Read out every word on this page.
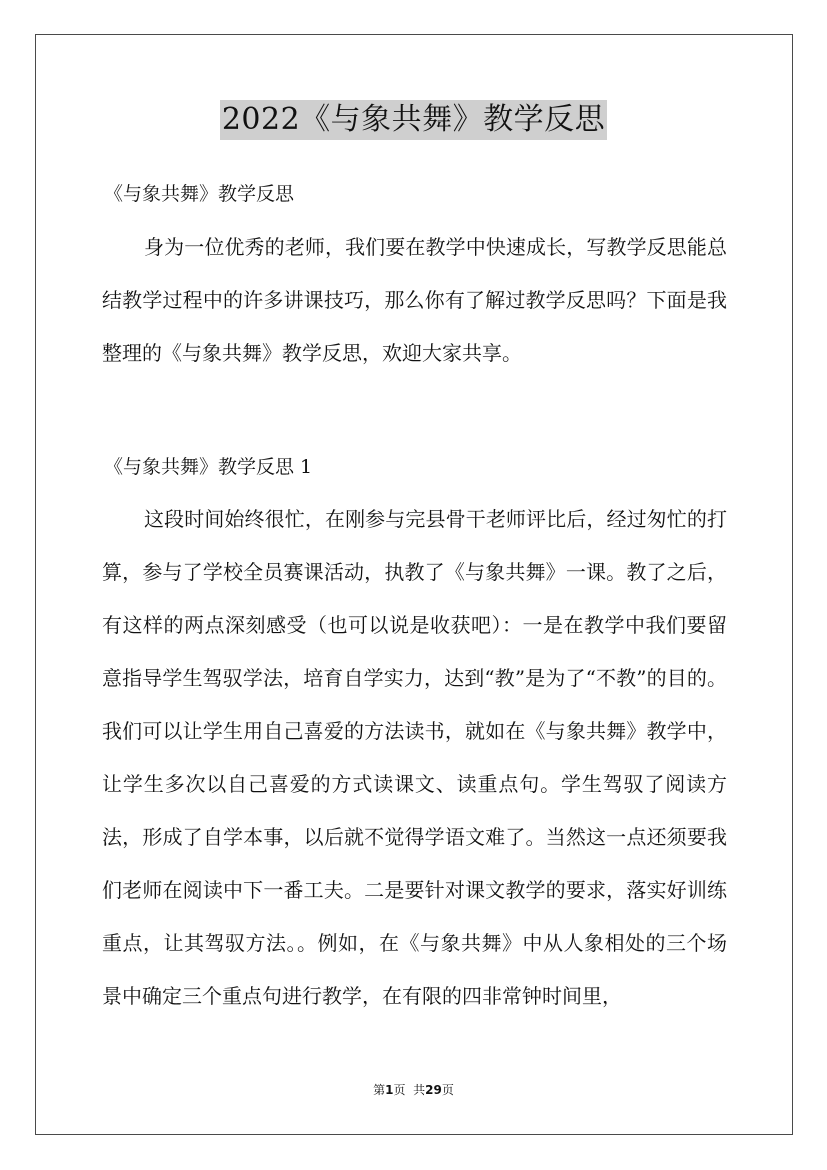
2022《与象共舞》教学反思
《与象共舞》教学反思

身为一位优秀的老师，我们要在教学中快速成长，写教学反思能总结教学过程中的许多讲课技巧，那么你有了解过教学反思吗？下面是我整理的《与象共舞》教学反思，欢迎大家共享。

《与象共舞》教学反思 1

这段时间始终很忙，在刚参与完县骨干老师评比后，经过匆忙的打算，参与了学校全员赛课活动，执教了《与象共舞》一课。教了之后，有这样的两点深刻感受（也可以说是收获吧）：一是在教学中我们要留意指导学生驾驭学法，培育自学实力，达到“教”是为了“不教”的目的。我们可以让学生用自己喜爱的方法读书，就如在《与象共舞》教学中，让学生多次以自己喜爱的方式读课文、读重点句。学生驾驭了阅读方法，形成了自学本事，以后就不觉得学语文难了。当然这一点还须要我们老师在阅读中下一番工夫。二是要针对课文教学的要求，落实好训练重点，让其驾驭方法。。例如，在《与象共舞》中从人象相处的三个场景中确定三个重点句进行教学，在有限的四非常钟时间里，

第1页  共29页
